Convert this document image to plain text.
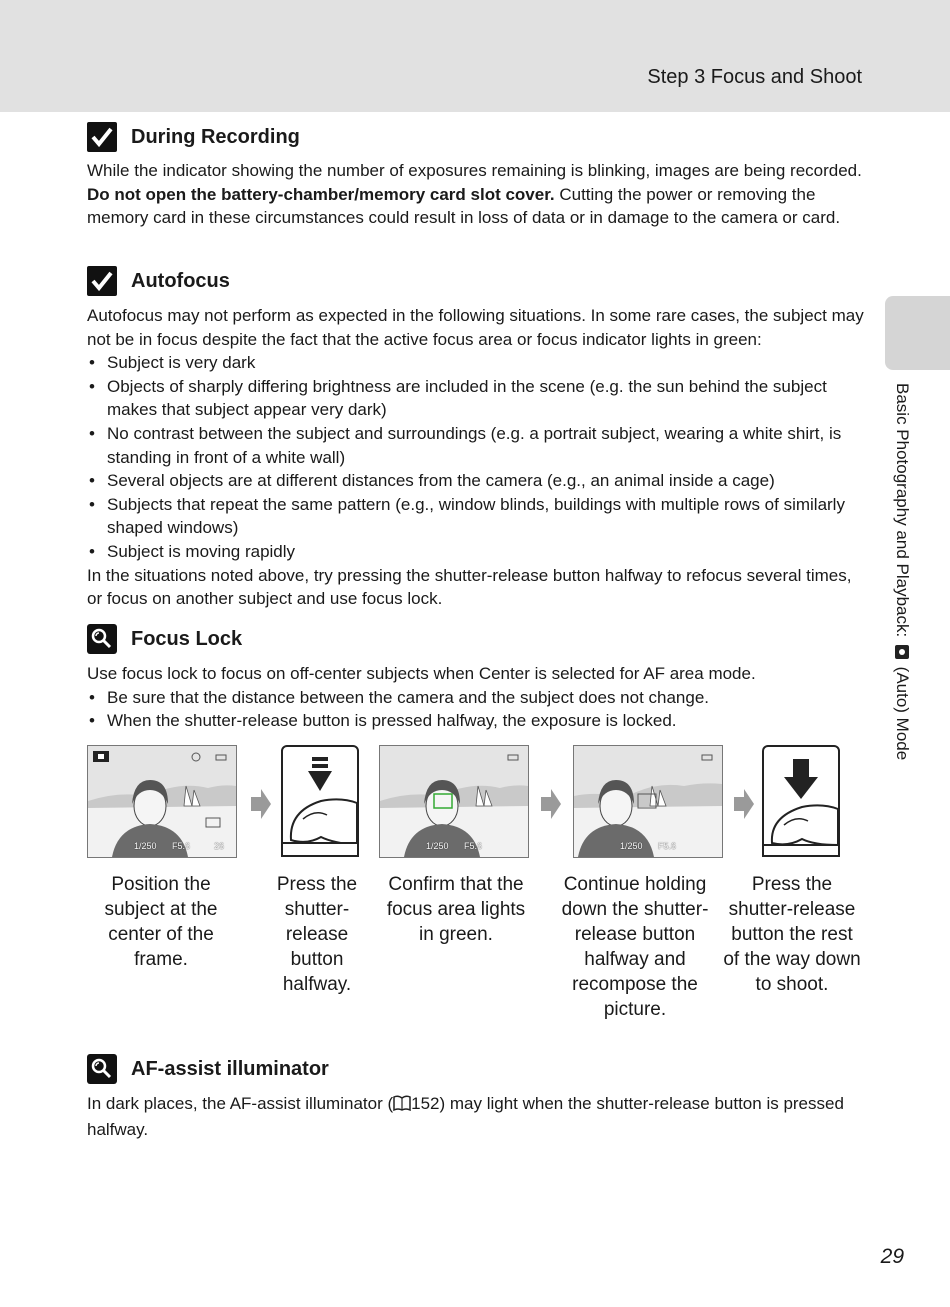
Step 3 Focus and Shoot
Basic Photography and Playback:  (Auto) Mode
During Recording

While the indicator showing the number of exposures remaining is blinking, images are being recorded. Do not open the battery-chamber/memory card slot cover. Cutting the power or removing the memory card in these circumstances could result in loss of data or in damage to the camera or card.

Autofocus

Autofocus may not perform as expected in the following situations. In some rare cases, the subject may not be in focus despite the fact that the active focus area or focus indicator lights in green:

• Subject is very dark
• Objects of sharply differing brightness are included in the scene (e.g. the sun behind the subject makes that subject appear very dark)
• No contrast between the subject and surroundings (e.g. a portrait subject, wearing a white shirt, is standing in front of a white wall)
• Several objects are at different distances from the camera (e.g., an animal inside a cage)
• Subjects that repeat the same pattern (e.g., window blinds, buildings with multiple rows of similarly shaped windows)
• Subject is moving rapidly

In the situations noted above, try pressing the shutter-release button halfway to refocus several times, or focus on another subject and use focus lock.

Focus Lock

Use focus lock to focus on off-center subjects when Center is selected for AF area mode.

• Be sure that the distance between the camera and the subject does not change.
• When the shutter-release button is pressed halfway, the exposure is locked.
1/250 F5.6	26	1/250 F5.6	1/250 F5.6
Position the subject at the center of the frame.
Press the shutter-release button halfway.
Confirm that the focus area lights in green.
Continue holding down the shutter-release button halfway and recompose the picture.
Press the shutter-release button the rest of the way down to shoot.
AF-assist illuminator

In dark places, the AF-assist illuminator ( 152) may light when the shutter-release button is pressed halfway.

29
